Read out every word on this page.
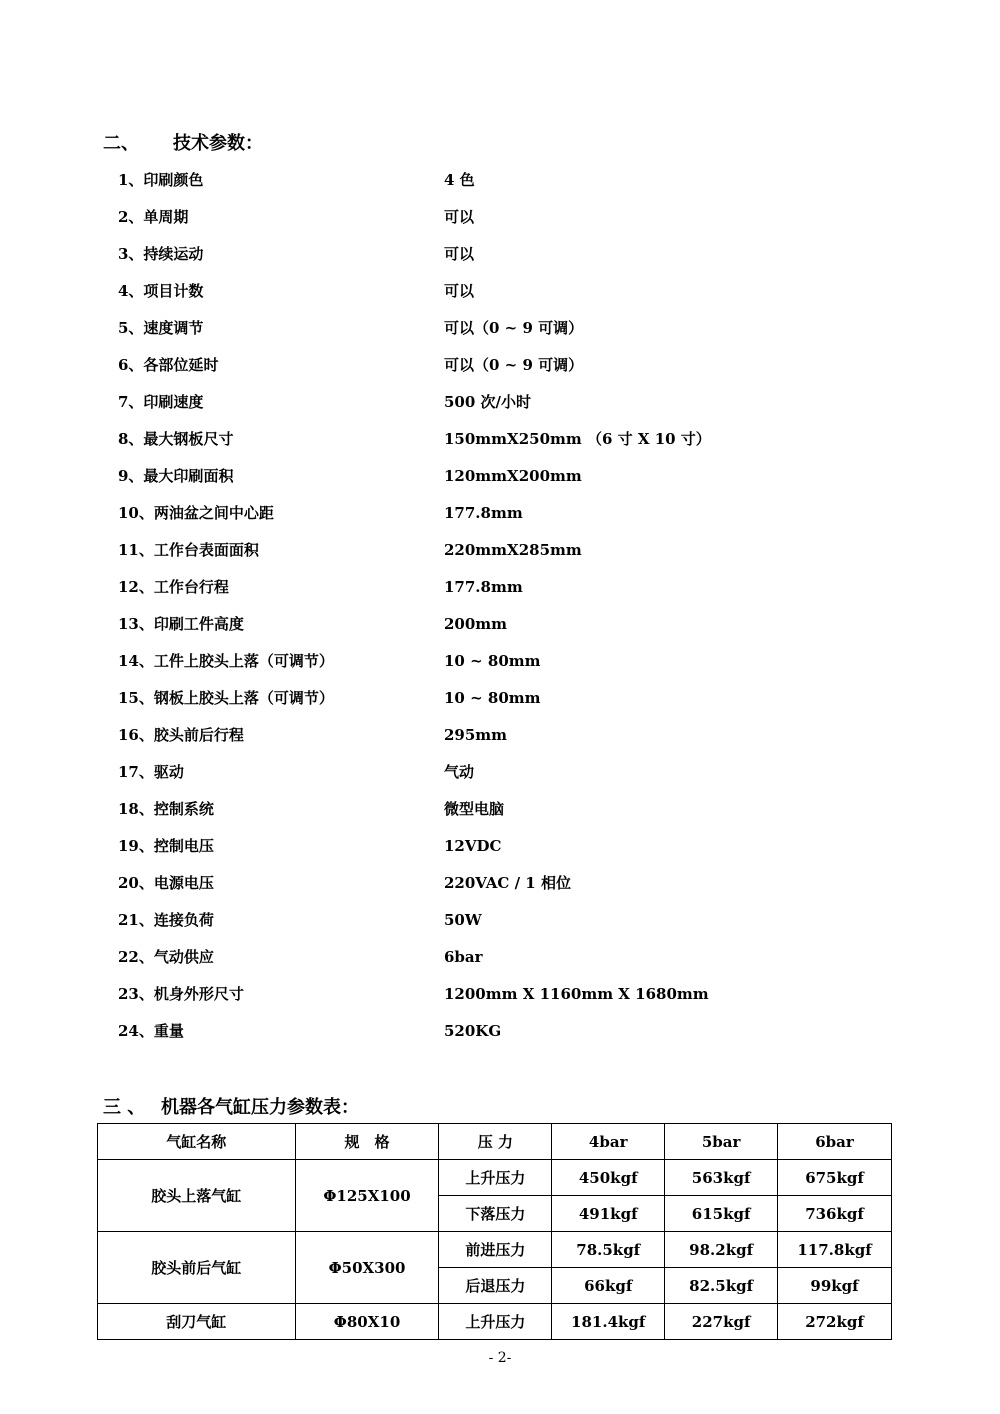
二、 技术参数：
1、印刷颜色	4 色
2、单周期	可以
3、持续运动	可以
4、项目计数	可以
5、速度调节	可以（0 ~ 9 可调）
6、各部位延时	可以（0 ~ 9 可调）
7、印刷速度	500 次/小时
8、最大钢板尺寸	150mmX250mm （6 寸 X 10 寸）
9、最大印刷面积	120mmX200mm
10、两油盆之间中心距	177.8mm
11、工作台表面面积	220mmX285mm
12、工作台行程	177.8mm
13、印刷工件高度	200mm
14、工件上胶头上落（可调节）	10 ~ 80mm
15、钢板上胶头上落（可调节）	10 ~ 80mm
16、胶头前后行程	295mm
17、驱动	气动
18、控制系统	微型电脑
19、控制电压	12VDC
20、电源电压	220VAC / 1 相位
21、连接负荷	50W
22、气动供应	6bar
23、机身外形尺寸	1200mm X 1160mm X 1680mm
24、重量	520KG
三 、 机器各气缸压力参数表：
气缸名称	规　格	压 力	4bar	5bar	6bar
胶头上落气缸	Φ125X100	上升压力	450kgf	563kgf	675kgf
		下落压力	491kgf	615kgf	736kgf
胶头前后气缸	Φ50X300	前进压力	78.5kgf	98.2kgf	117.8kgf
		后退压力	66kgf	82.5kgf	99kgf
刮刀气缸	Φ80X10	上升压力	181.4kgf	227kgf	272kgf
- 2-
